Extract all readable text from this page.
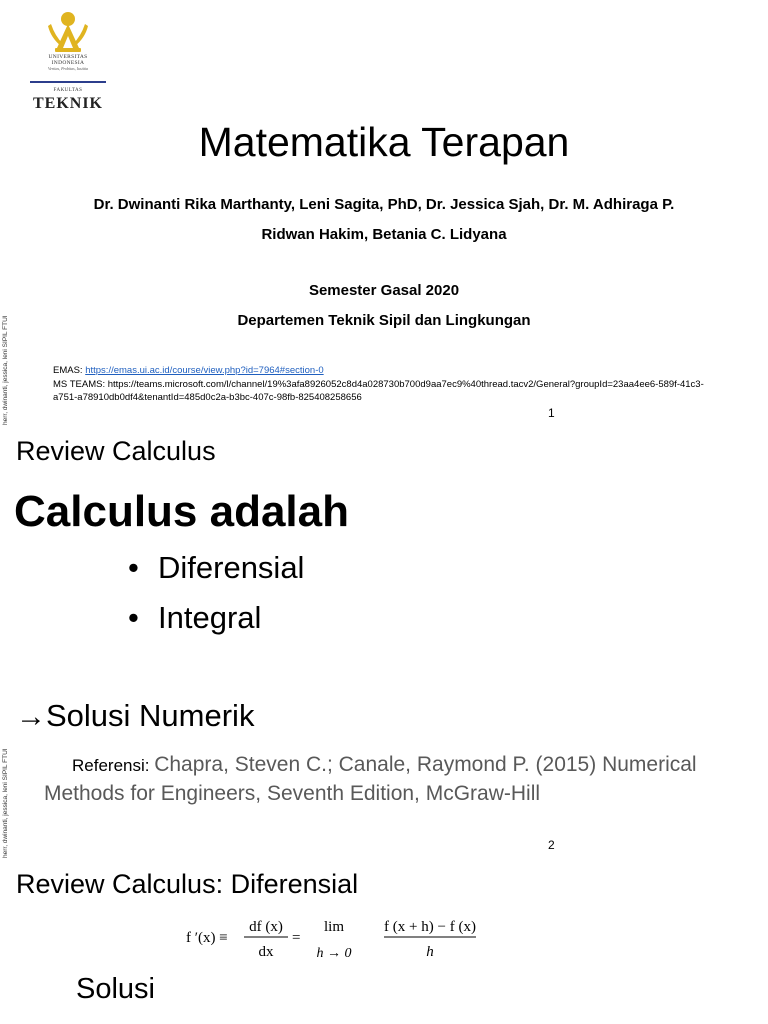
UNIVERSITAS
INDONESIA
Veritas, Probitas, Iustitia
FAKULTAS
TEKNIK
Matematika Terapan
Dr. Dwinanti Rika Marthanty, Leni Sagita, PhD, Dr. Jessica Sjah, Dr. M. Adhiraga P.
Ridwan Hakim, Betania C. Lidyana
Semester Gasal 2020
Departemen Teknik Sipil dan Lingkungan
EMAS: https://emas.ui.ac.id/course/view.php?id=7964#section-0
MS TEAMS: https://teams.microsoft.com/l/channel/19%3afa8926052c8d4a028730b700d9aa7ec9%40thread.tacv2/General?groupId=23aa4ee6-589f-41c3-
a751-a78910db0df4&tenantId=485d0c2a-b3bc-407c-98fb-825408258656
1
herr, dwinanti, jessica, leni SIPIL FTUI
Review Calculus
Calculus adalah
• Diferensial
• Integral
→Solusi Numerik
Referensi: Chapra, Steven C.; Canale, Raymond P. (2015) Numerical Methods for Engineers, Seventh Edition, McGraw-Hill
2
herr, dwinanti, jessica, leni SIPIL FTUI
Review Calculus: Diferensial
f ′(x) ≡
df (x)
dx
=
lim
h → 0
f (x + h) − f (x)
h
Solusi
